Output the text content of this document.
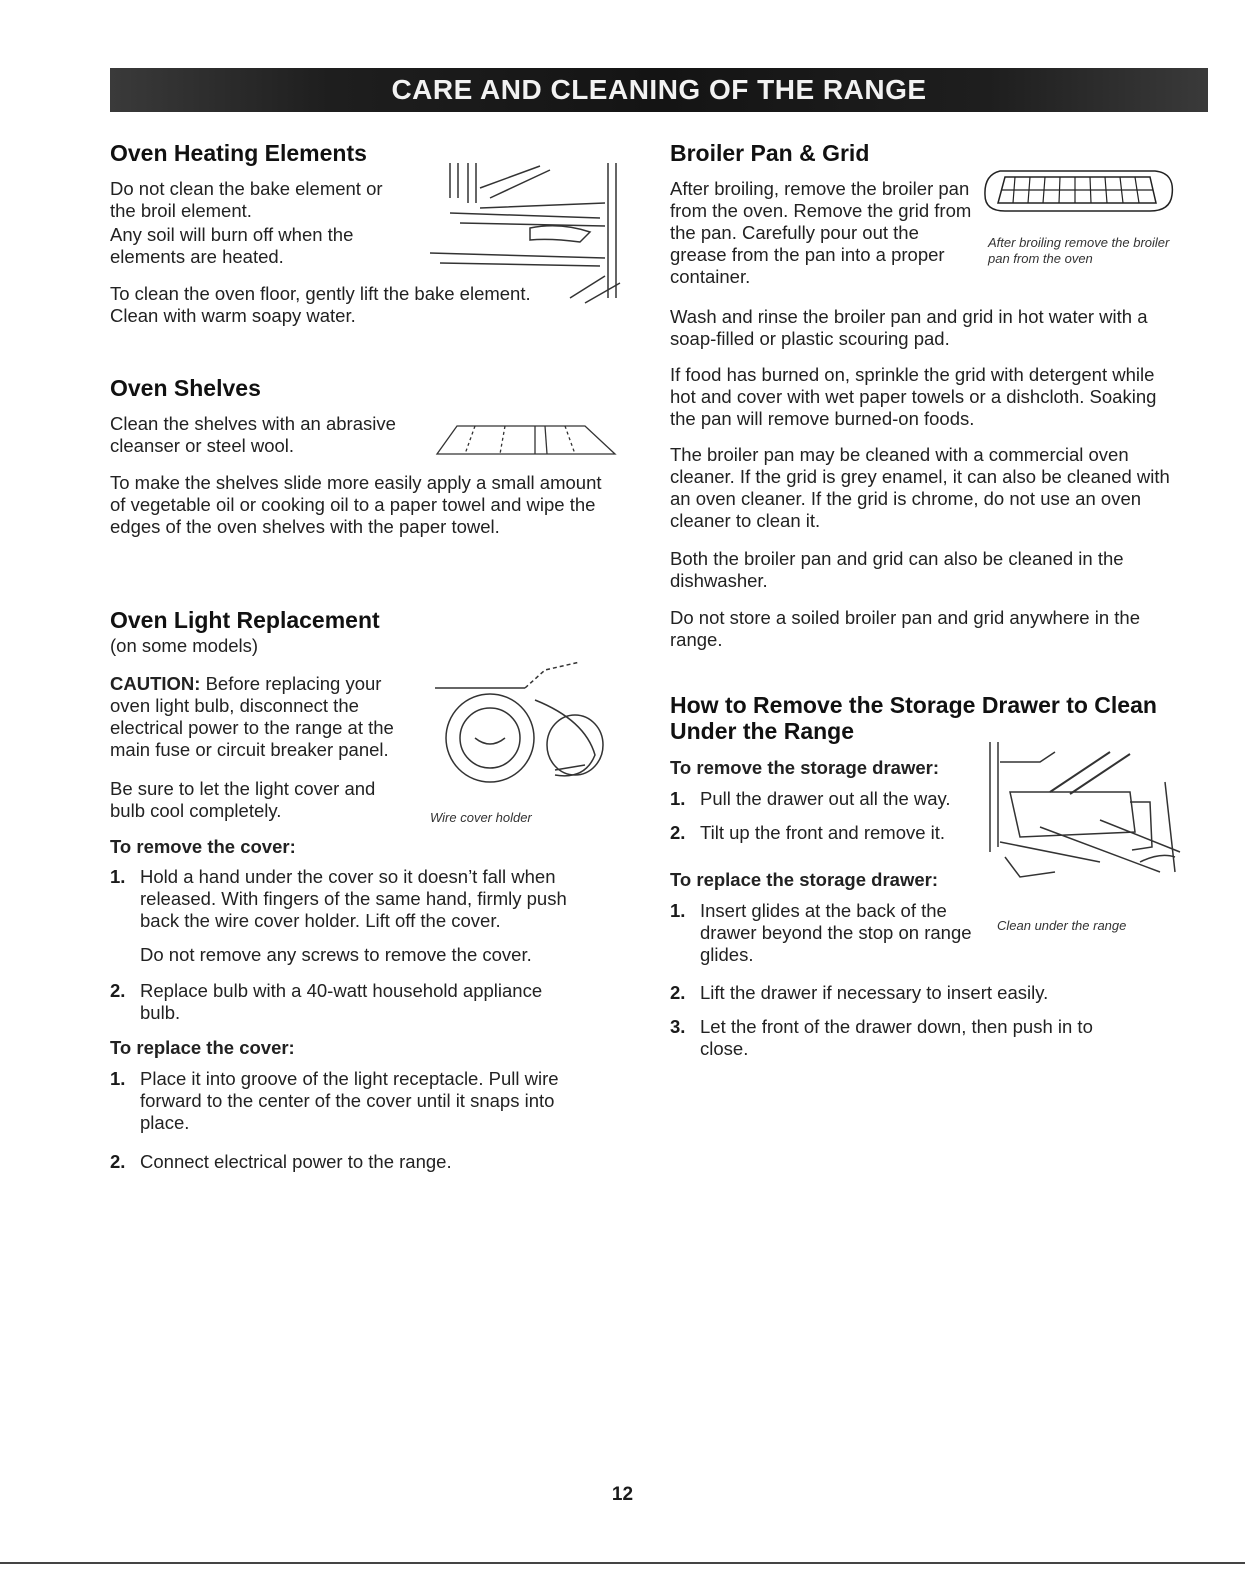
CARE AND CLEANING OF THE RANGE
Oven Heating Elements

Do not clean the bake element or the broil element.

Any soil will burn off when the elements are heated.

To clean the oven floor, gently lift the bake element. Clean with warm soapy water.

Oven Shelves

Clean the shelves with an abrasive cleanser or steel wool.

To make the shelves slide more easily apply a small amount of vegetable oil or cooking oil to a paper towel and wipe the edges of the oven shelves with the paper towel.

Oven Light Replacement

(on some models)

CAUTION: Before replacing your oven light bulb, disconnect the electrical power to the range at the main fuse or circuit breaker panel.

Be sure to let the light cover and bulb cool completely.	Wire cover holder

To remove the cover:

1. Hold a hand under the cover so it doesn’t fall when released. With fingers of the same hand, firmly push back the wire cover holder. Lift off the cover.

Do not remove any screws to remove the cover.

2. Replace bulb with a 40-watt household appliance bulb.

To replace the cover:

1. Place it into groove of the light receptacle. Pull wire forward to the center of the cover until it snaps into place.

2. Connect electrical power to the range.

Broiler Pan & Grid

After broiling, remove the broiler pan from the oven. Remove the grid from the pan. Carefully pour out the grease from the pan into a proper container.

After broiling remove the broiler pan from the oven

Wash and rinse the broiler pan and grid in hot water with a soap-filled or plastic scouring pad.

If food has burned on, sprinkle the grid with detergent while hot and cover with wet paper towels or a dishcloth. Soaking the pan will remove burned-on foods.

The broiler pan may be cleaned with a commercial oven cleaner. If the grid is grey enamel, it can also be cleaned with an oven cleaner. If the grid is chrome, do not use an oven cleaner to clean it.

Both the broiler pan and grid can also be cleaned in the dishwasher.

Do not store a soiled broiler pan and grid anywhere in the range.

How to Remove the Storage Drawer to Clean Under the Range

To remove the storage drawer:

1. Pull the drawer out all the way.

2. Tilt up the front and remove it.

To replace the storage drawer:

1. Insert glides at the back of the drawer beyond the stop on range glides.

Clean under the range
2. Lift the drawer if necessary to insert easily.

3. Let the front of the drawer down, then push in to close.

12
